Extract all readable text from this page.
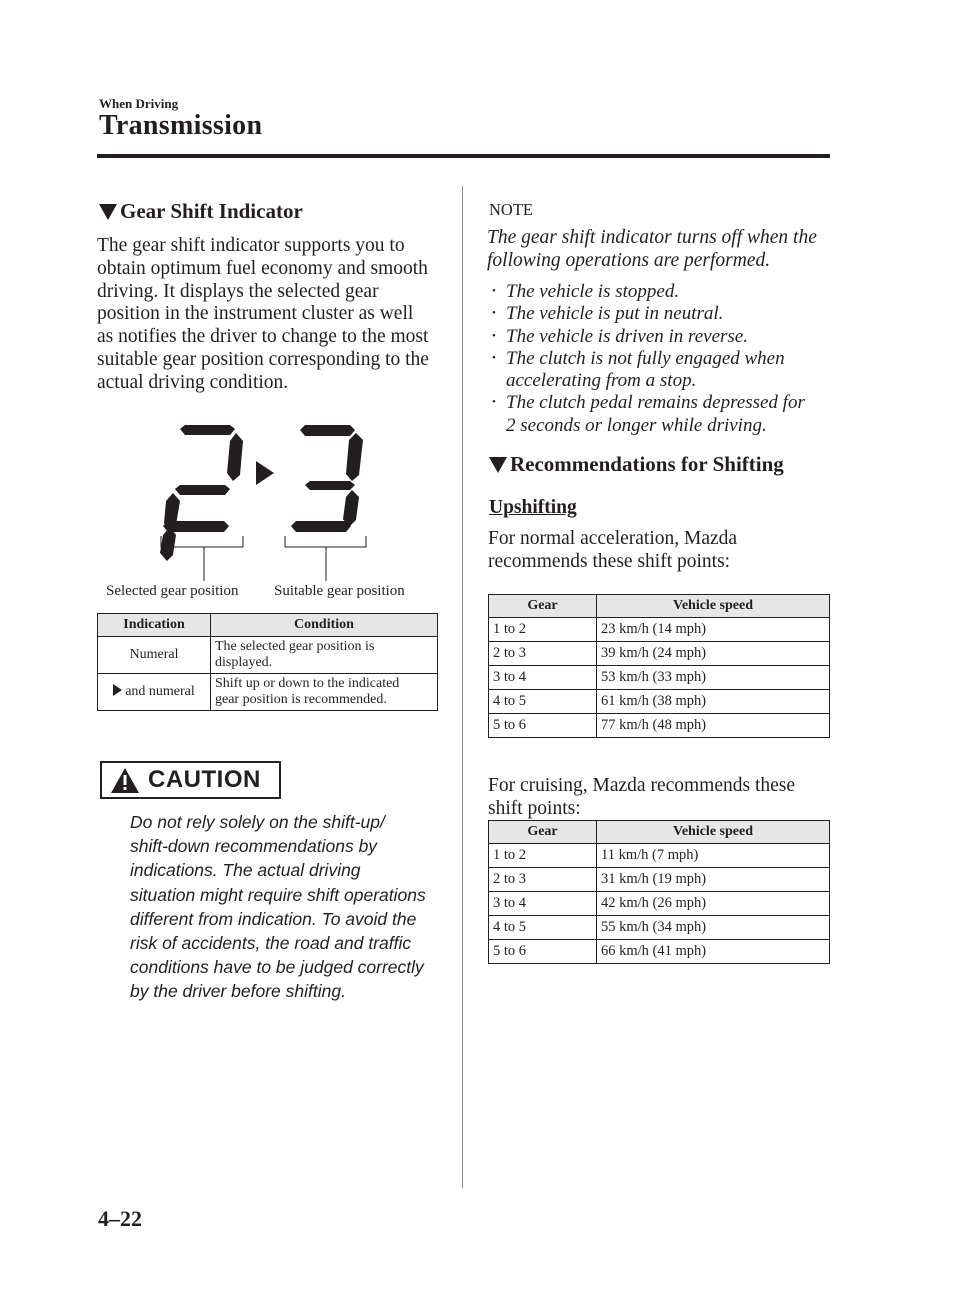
When Driving
Transmission
Gear Shift Indicator
The gear shift indicator supports you to
obtain optimum fuel economy and smooth
driving. It displays the selected gear
position in the instrument cluster as well
as notifies the driver to change to the most
suitable gear position corresponding to the
actual driving condition.
Selected gear position Suitable gear position
Indication	Condition
Numeral	The selected gear position is
displayed.

and numeral	Shift up or down to the indicated
gear position is recommended.
CAUTION
Do not rely solely on the shift-up/
shift-down recommendations by
indications. The actual driving
situation might require shift operations
different from indication. To avoid the
risk of accidents, the road and traffic
conditions have to be judged correctly
by the driver before shifting.
NOTE
The gear shift indicator turns off when the
following operations are performed.
• The vehicle is stopped.
• The vehicle is put in neutral.
• The vehicle is driven in reverse.
• The clutch is not fully engaged when
accelerating from a stop.
• The clutch pedal remains depressed for
2 seconds or longer while driving.
Recommendations for Shifting
Upshifting
For normal acceleration, Mazda
recommends these shift points:
Gear	Vehicle speed
1 to 2	23 km/h (14 mph)
2 to 3	39 km/h (24 mph)
3 to 4	53 km/h (33 mph)
4 to 5	61 km/h (38 mph)
5 to 6	77 km/h (48 mph)
For cruising, Mazda recommends these
shift points:
Gear	Vehicle speed
1 to 2	11 km/h (7 mph)
2 to 3	31 km/h (19 mph)
3 to 4	42 km/h (26 mph)
4 to 5	55 km/h (34 mph)
5 to 6	66 km/h (41 mph)
4–22
